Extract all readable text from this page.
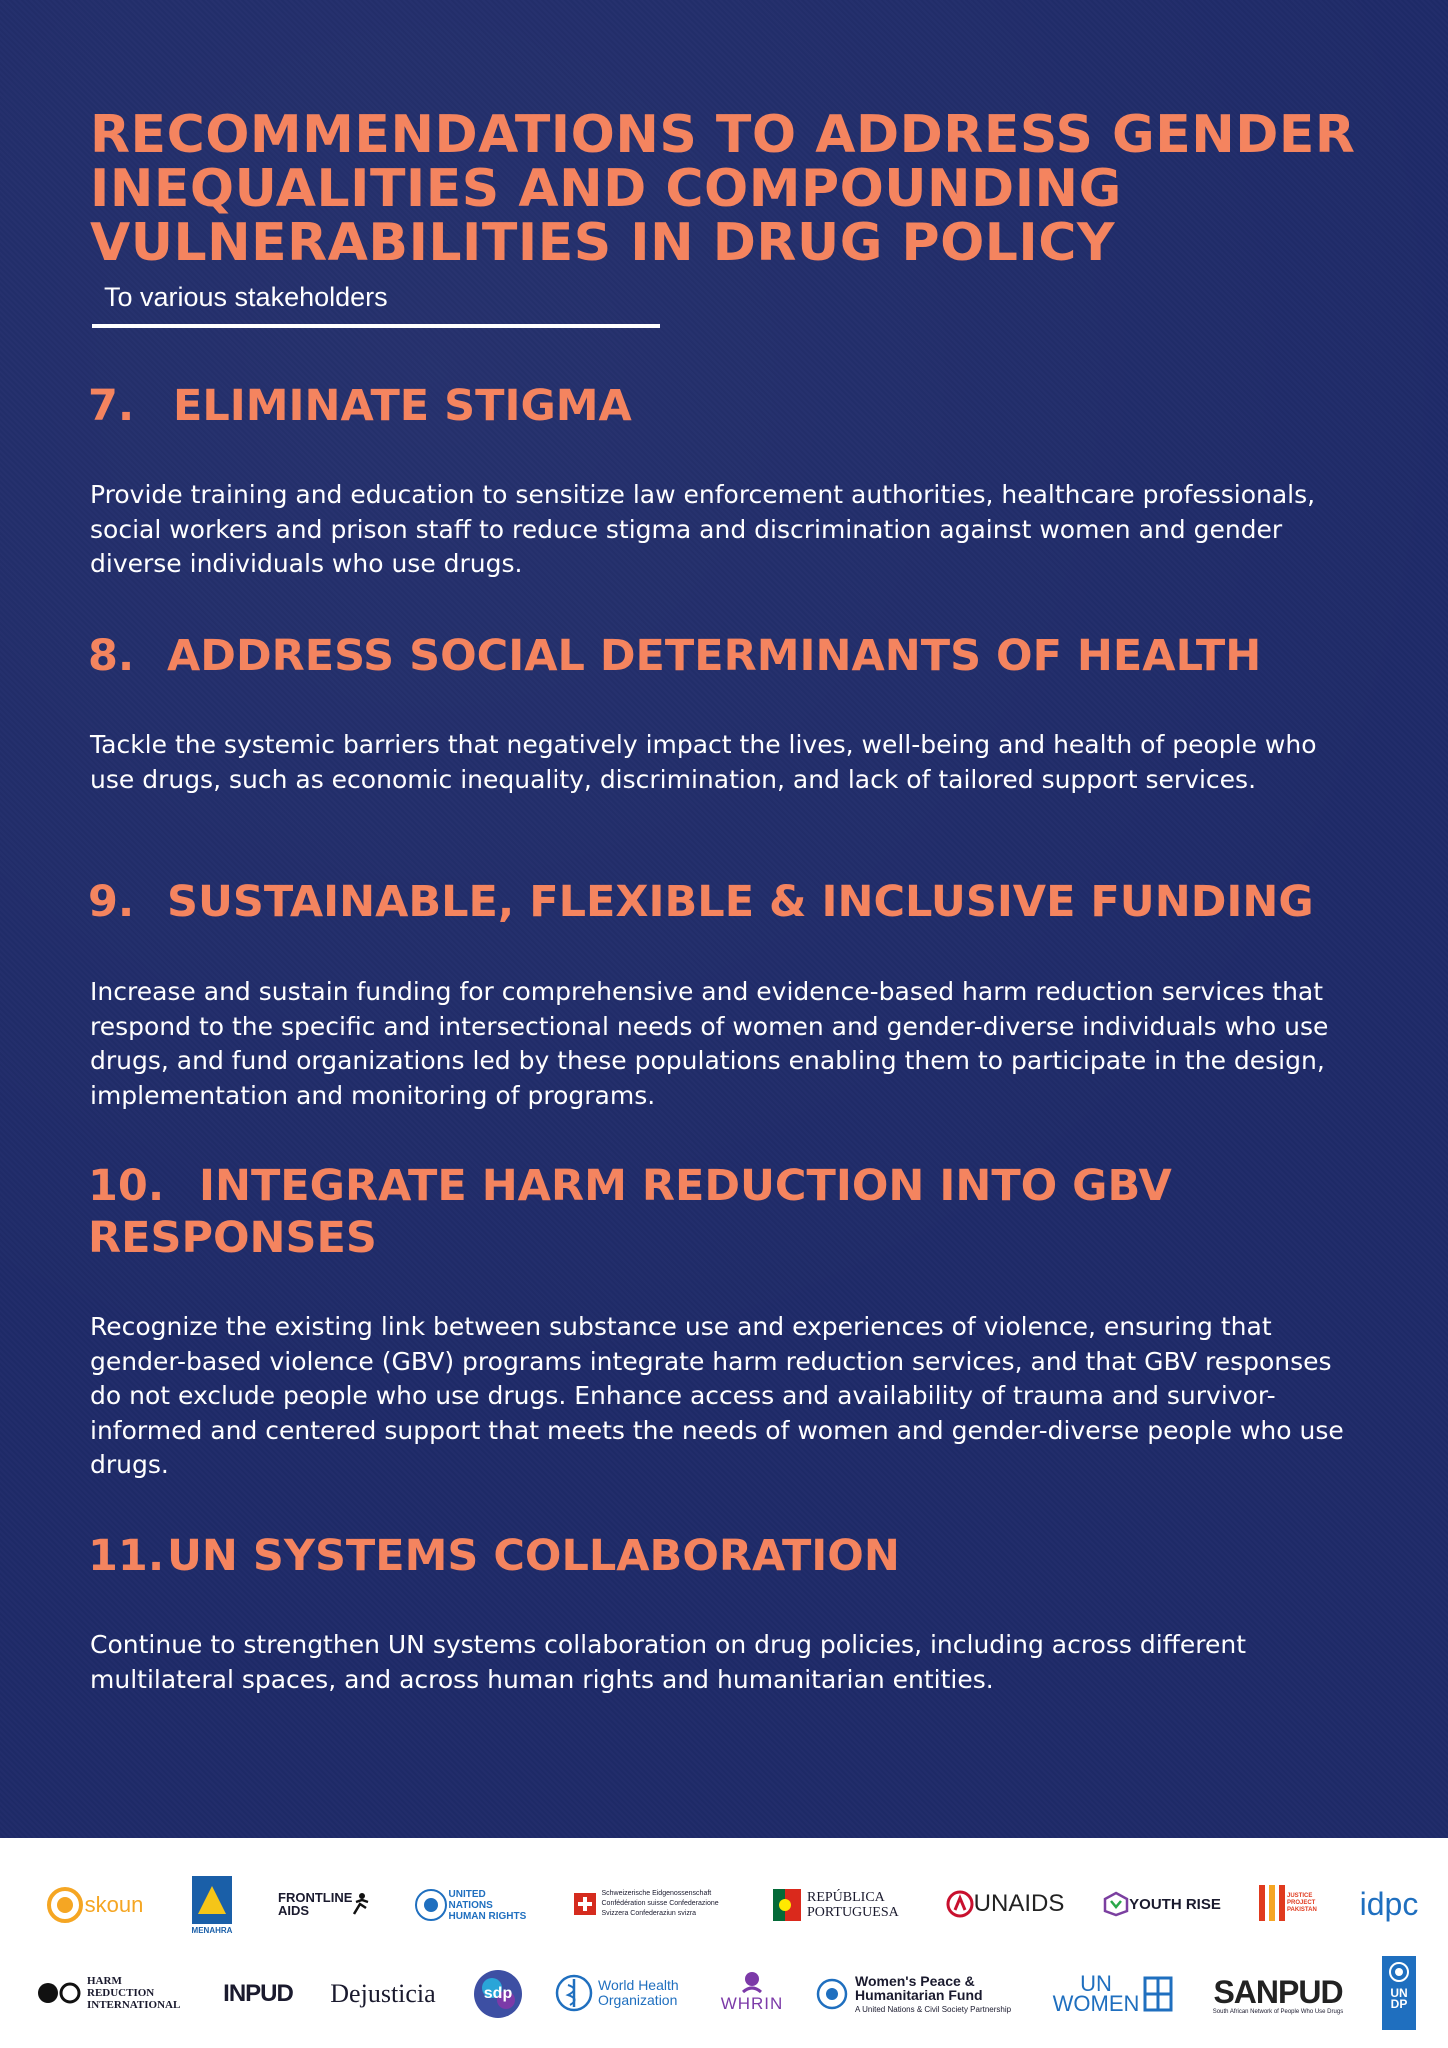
RECOMMENDATIONS TO ADDRESS GENDER
INEQUALITIES AND COMPOUNDING
VULNERABILITIES IN DRUG POLICY
To various stakeholders
7. ELIMINATE STIGMA

Provide training and education to sensitize law enforcement authorities, healthcare professionals, social workers and prison staff to reduce stigma and discrimination against women and gender diverse individuals who use drugs.

8. ADDRESS SOCIAL DETERMINANTS OF HEALTH

Tackle the systemic barriers that negatively impact the lives, well-being and health of people who use drugs, such as economic inequality, discrimination, and lack of tailored support services.

9. SUSTAINABLE, FLEXIBLE & INCLUSIVE FUNDING

Increase and sustain funding for comprehensive and evidence-based harm reduction services that respond to the specific and intersectional needs of women and gender-diverse individuals who use drugs, and fund organizations led by these populations enabling them to participate in the design, implementation and monitoring of programs.

10. INTEGRATE HARM REDUCTION INTO GBV RESPONSES

Recognize the existing link between substance use and experiences of violence, ensuring that gender-based violence (GBV) programs integrate harm reduction services, and that GBV responses do not exclude people who use drugs. Enhance access and availability of trauma and survivor-informed and centered support that meets the needs of women and gender-diverse people who use drugs.

11. UN SYSTEMS COLLABORATION

Continue to strengthen UN systems collaboration on drug policies, including across different multilateral spaces, and across human rights and humanitarian entities.

skoun
MENAHRA
FRONTLINE AIDS
UNITED NATIONS HUMAN RIGHTS
Schweizerische Eidgenossenschaft Confédération suisse Confederazione Svizzera Confederaziun svizra
REPÚBLICA PORTUGUESA	UNAIDS	YOUTH RISE	JUSTICE PROJECT PAKISTAN	idpc
HARM REDUCTION INTERNATIONAL	INPUD Dejusticia	sdp	World Health Organization	WHRIN
Women's Peace & Humanitarian Fund
A United Nations & Civil Society Partnership
UN WOMEN SANPUD
South African Network of People Who Use Drugs
UNDP
